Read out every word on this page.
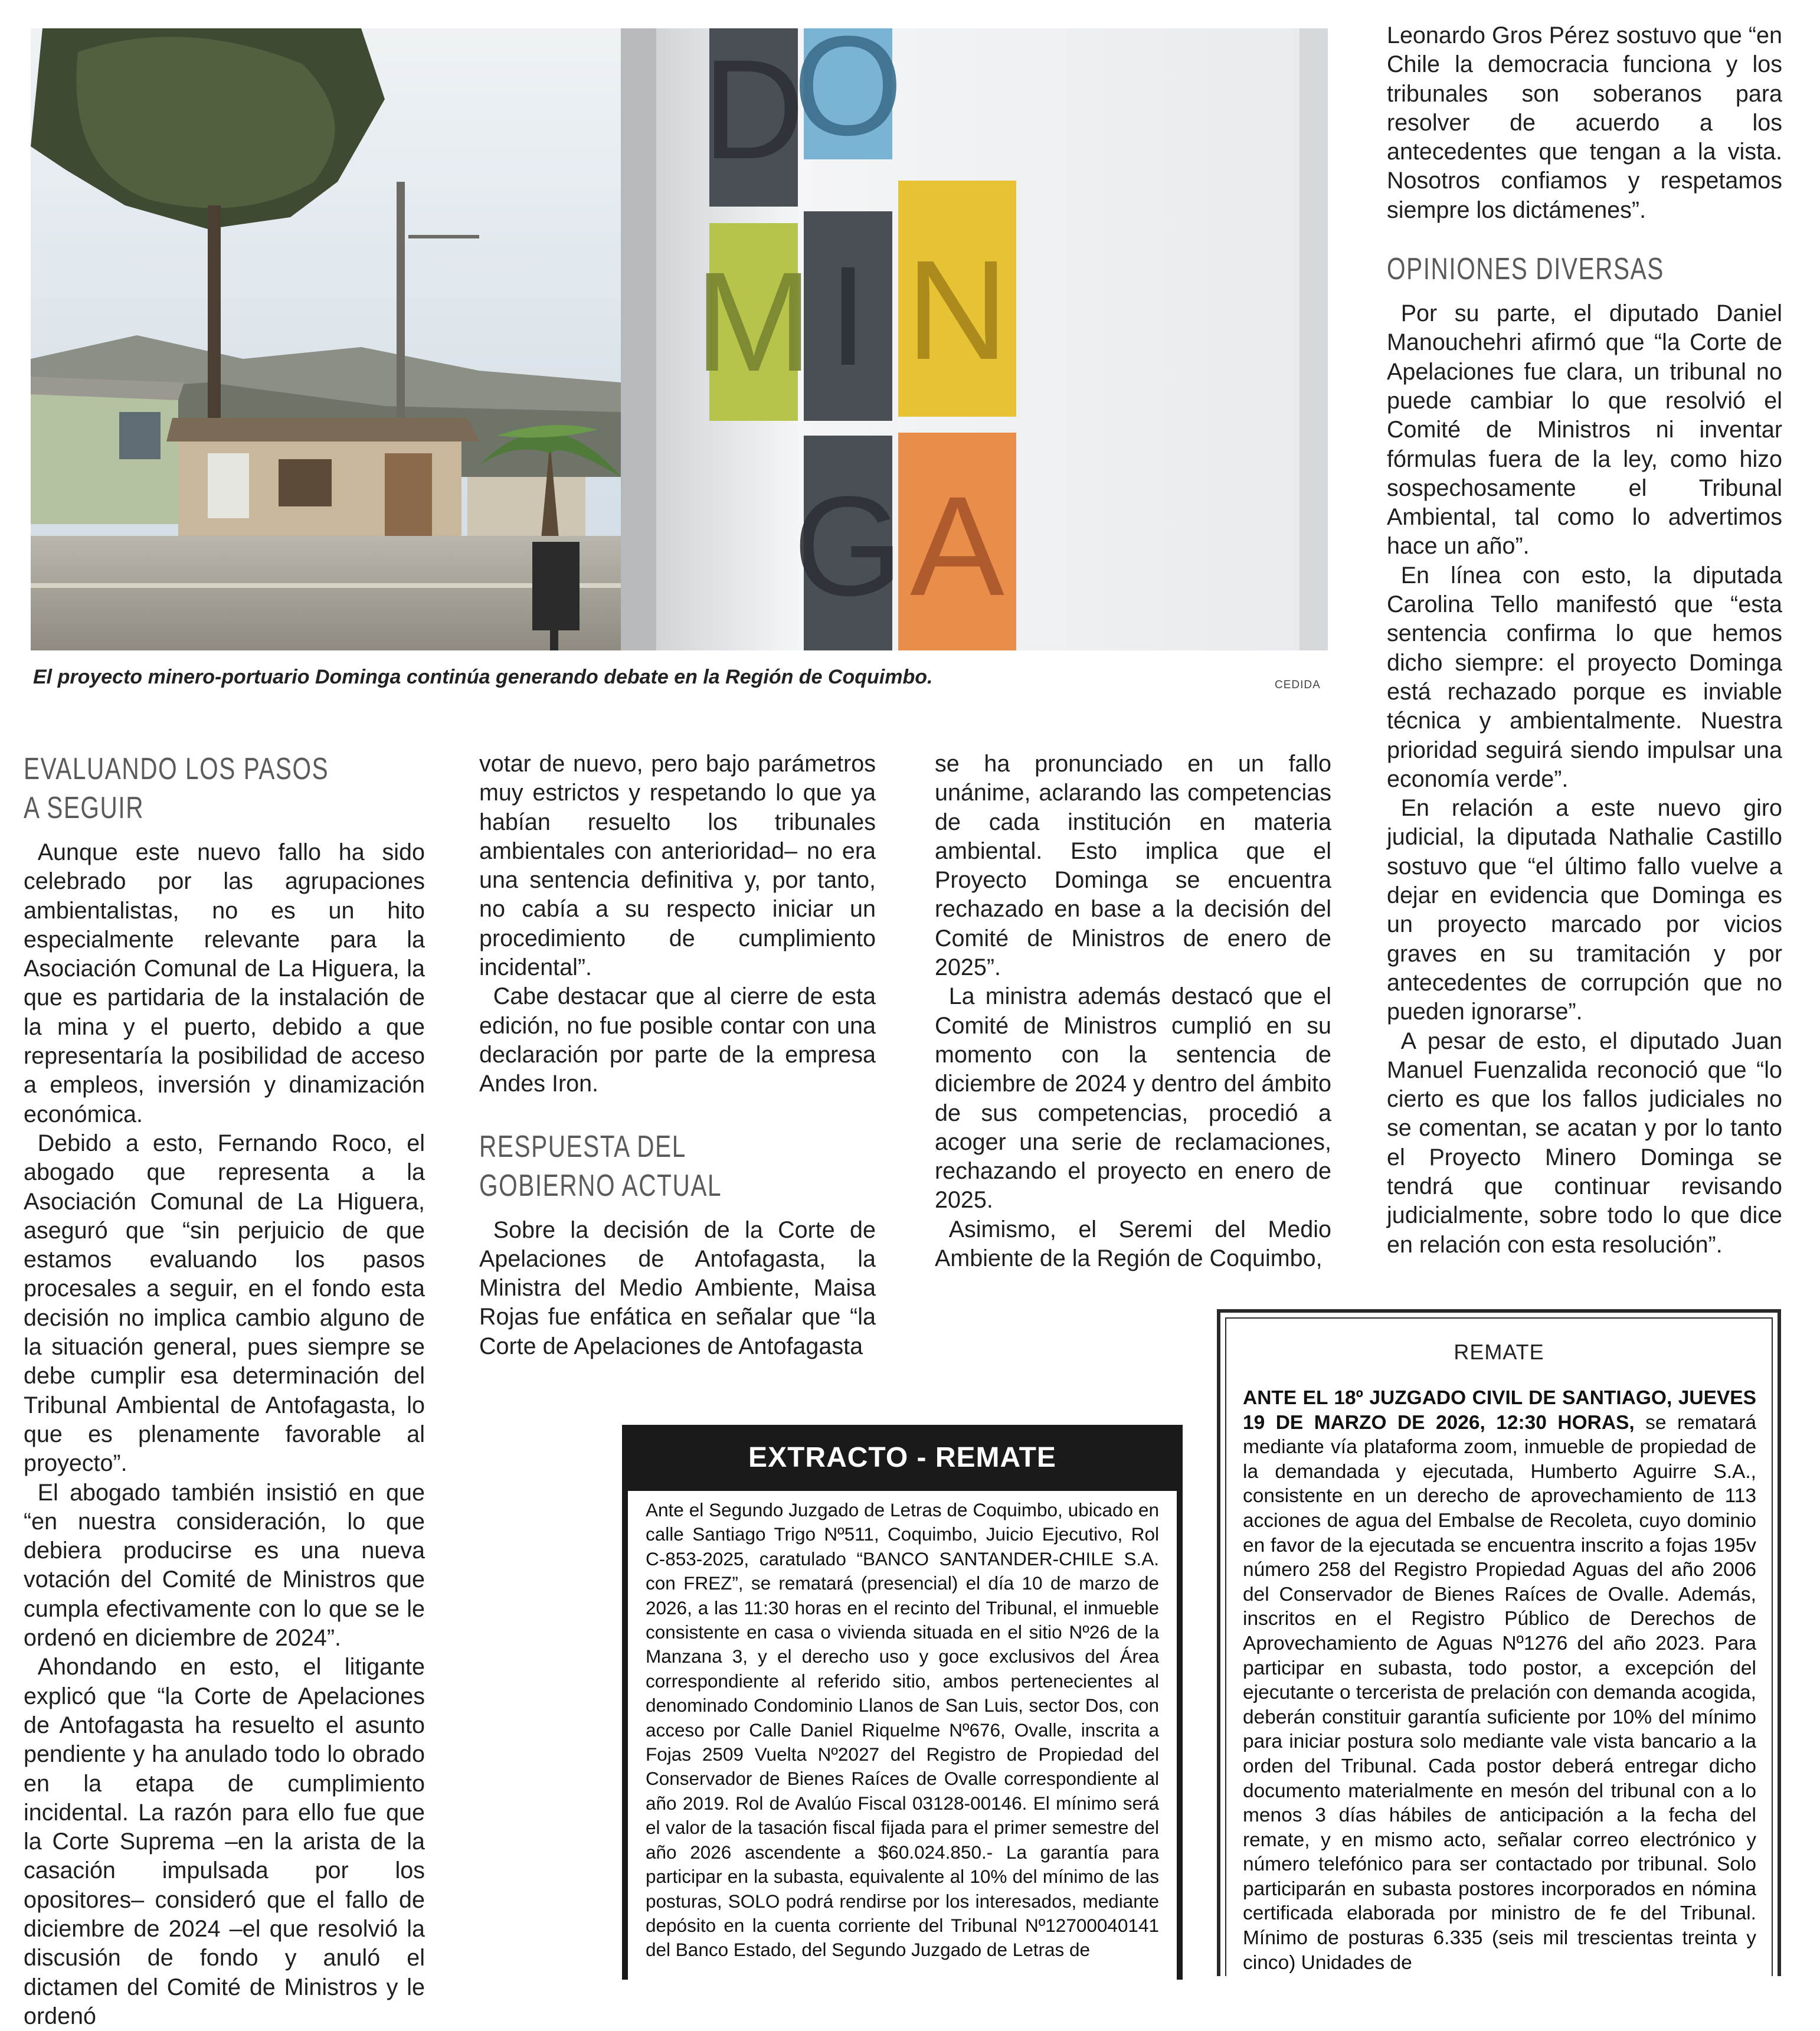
D
O
M I N
G A
El proyecto minero-portuario Dominga continúa generando debate en la Región de Coquimbo.	CEDIDA
EVALUANDO LOS PASOS A SEGUIR

Aunque este nuevo fallo ha sido celebrado por las agrupaciones ambientalistas, no es un hito especialmente relevante para la Asociación Comunal de La Higuera, la que es partidaria de la instalación de la mina y el puerto, debido a que representaría la posibilidad de acceso a empleos, inversión y dinamización económica.

Debido a esto, Fernando Roco, el abogado que representa a la Asociación Comunal de La Higuera, aseguró que “sin perjuicio de que estamos evaluando los pasos procesales a seguir, en el fondo esta decisión no implica cambio alguno de la situación general, pues siempre se debe cumplir esa determinación del Tribunal Ambiental de Antofagasta, lo que es plenamente favorable al proyecto”.

El abogado también insistió en que “en nuestra consideración, lo que debiera producirse es una nueva votación del Comité de Ministros que cumpla efectivamente con lo que se le ordenó en diciembre de 2024”.

Ahondando en esto, el litigante explicó que “la Corte de Apelaciones de Antofagasta ha resuelto el asunto pendiente y ha anulado todo lo obrado en la etapa de cumplimiento incidental. La razón para ello fue que la Corte Suprema –en la arista de la casación impulsada por los opositores– consideró que el fallo de diciembre de 2024 –el que resolvió la discusión de fondo y anuló el dictamen del Comité de Ministros y le ordenó

votar de nuevo, pero bajo parámetros muy estrictos y respetando lo que ya habían resuelto los tribunales ambientales con anterioridad– no era una sentencia definitiva y, por tanto, no cabía a su respecto iniciar un procedimiento de cumplimiento incidental”.

Cabe destacar que al cierre de esta edición, no fue posible contar con una declaración por parte de la empresa Andes Iron.

RESPUESTA DEL GOBIERNO ACTUAL

Sobre la decisión de la Corte de Apelaciones de Antofagasta, la Ministra del Medio Ambiente, Maisa Rojas fue enfática en señalar que “la Corte de Apelaciones de Antofagasta

se ha pronunciado en un fallo unánime, aclarando las competencias de cada institución en materia ambiental. Esto implica que el Proyecto Dominga se encuentra rechazado en base a la decisión del Comité de Ministros de enero de 2025”.

La ministra además destacó que el Comité de Ministros cumplió en su momento con la sentencia de diciembre de 2024 y dentro del ámbito de sus competencias, procedió a acoger una serie de reclamaciones, rechazando el proyecto en enero de 2025.

Asimismo, el Seremi del Medio Ambiente de la Región de Coquimbo,

Leonardo Gros Pérez sostuvo que “en Chile la democracia funciona y los tribunales son soberanos para resolver de acuerdo a los antecedentes que tengan a la vista. Nosotros confiamos y respetamos siempre los dictámenes”.

OPINIONES DIVERSAS

Por su parte, el diputado Daniel Manouchehri afirmó que “la Corte de Apelaciones fue clara, un tribunal no puede cambiar lo que resolvió el Comité de Ministros ni inventar fórmulas fuera de la ley, como hizo sospechosamente el Tribunal Ambiental, tal como lo advertimos hace un año”.

En línea con esto, la diputada Carolina Tello manifestó que “esta sentencia confirma lo que hemos dicho siempre: el proyecto Dominga está rechazado porque es inviable técnica y ambientalmente. Nuestra prioridad seguirá siendo impulsar una economía verde”.

En relación a este nuevo giro judicial, la diputada Nathalie Castillo sostuvo que “el último fallo vuelve a dejar en evidencia que Dominga es un proyecto marcado por vicios graves en su tramitación y por antecedentes de corrupción que no pueden ignorarse”.

A pesar de esto, el diputado Juan Manuel Fuenzalida reconoció que “lo cierto es que los fallos judiciales no se comentan, se acatan y por lo tanto el Proyecto Minero Dominga se tendrá que continuar revisando judicialmente, sobre todo lo que dice en relación con esta resolución”.

EXTRACTO - REMATE
Ante el Segundo Juzgado de Letras de Coquimbo, ubicado en calle Santiago Trigo Nº511, Coquimbo, Juicio Ejecutivo, Rol C-853-2025, caratulado “BANCO SANTANDER-CHILE S.A. con FREZ”, se rematará (presencial) el día 10 de marzo de 2026, a las 11:30 horas en el recinto del Tribunal, el inmueble consistente en casa o vivienda situada en el sitio Nº26 de la Manzana 3, y el derecho uso y goce exclusivos del Área correspondiente al referido sitio, ambos pertenecientes al denominado Condominio Llanos de San Luis, sector Dos, con acceso por Calle Daniel Riquelme Nº676, Ovalle, inscrita a Fojas 2509 Vuelta Nº2027 del Registro de Propiedad del Conservador de Bienes Raíces de Ovalle correspondiente al año 2019. Rol de Avalúo Fiscal 03128-00146. El mínimo será el valor de la tasación fiscal fijada para el primer semestre del año 2026 ascendente a $60.024.850.- La garantía para participar en la subasta, equivalente al 10% del mínimo de las posturas, SOLO podrá rendirse por los interesados, mediante depósito en la cuenta corriente del Tribunal Nº12700040141 del Banco Estado, del Segundo Juzgado de Letras de
REMATE
ANTE EL 18º JUZGADO CIVIL DE SANTIAGO, JUEVES 19 DE MARZO DE 2026, 12:30 HORAS, se rematará mediante vía plataforma zoom, inmueble de propiedad de la demandada y ejecutada, Humberto Aguirre S.A., consistente en un derecho de aprovechamiento de 113 acciones de agua del Embalse de Recoleta, cuyo dominio en favor de la ejecutada se encuentra inscrito a fojas 195v número 258 del Registro Propiedad Aguas del año 2006 del Conservador de Bienes Raíces de Ovalle. Además, inscritos en el Registro Público de Derechos de Aprovechamiento de Aguas Nº1276 del año 2023. Para participar en subasta, todo postor, a excepción del ejecutante o tercerista de prelación con demanda acogida, deberán constituir garantía suficiente por 10% del mínimo para iniciar postura solo mediante vale vista bancario a la orden del Tribunal. Cada postor deberá entregar dicho documento materialmente en mesón del tribunal con a lo menos 3 días hábiles de anticipación a la fecha del remate, y en mismo acto, señalar correo electrónico y número telefónico para ser contactado por tribunal. Solo participarán en subasta postores incorporados en nómina certificada elaborada por ministro de fe del Tribunal. Mínimo de posturas 6.335 (seis mil trescientas treinta y cinco) Unidades de
